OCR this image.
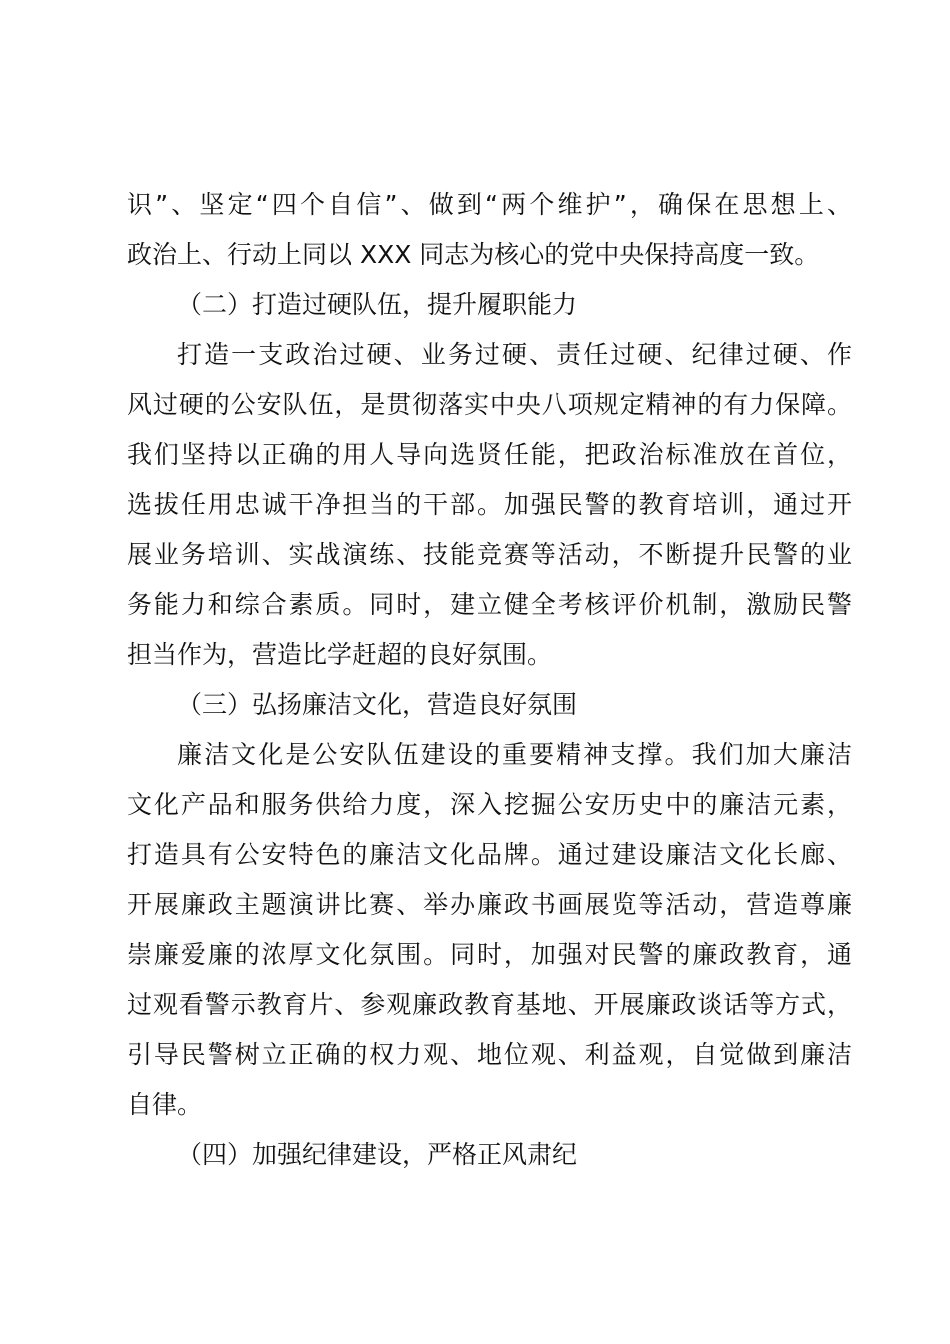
识”、坚定“四个自信”、做到“两个维护”，确保在思想上、
政治上、行动上同以 XXX 同志为核心的党中央保持高度一致。
（二）打造过硬队伍，提升履职能力
打造一支政治过硬、业务过硬、责任过硬、纪律过硬、作
风过硬的公安队伍，是贯彻落实中央八项规定精神的有力保障。
我们坚持以正确的用人导向选贤任能，把政治标准放在首位，
选拔任用忠诚干净担当的干部。加强民警的教育培训，通过开
展业务培训、实战演练、技能竞赛等活动，不断提升民警的业
务能力和综合素质。同时，建立健全考核评价机制，激励民警
担当作为，营造比学赶超的良好氛围。
（三）弘扬廉洁文化，营造良好氛围
廉洁文化是公安队伍建设的重要精神支撑。我们加大廉洁
文化产品和服务供给力度，深入挖掘公安历史中的廉洁元素，
打造具有公安特色的廉洁文化品牌。通过建设廉洁文化长廊、
开展廉政主题演讲比赛、举办廉政书画展览等活动，营造尊廉
崇廉爱廉的浓厚文化氛围。同时，加强对民警的廉政教育，通
过观看警示教育片、参观廉政教育基地、开展廉政谈话等方式，
引导民警树立正确的权力观、地位观、利益观，自觉做到廉洁
自律。
（四）加强纪律建设，严格正风肃纪
